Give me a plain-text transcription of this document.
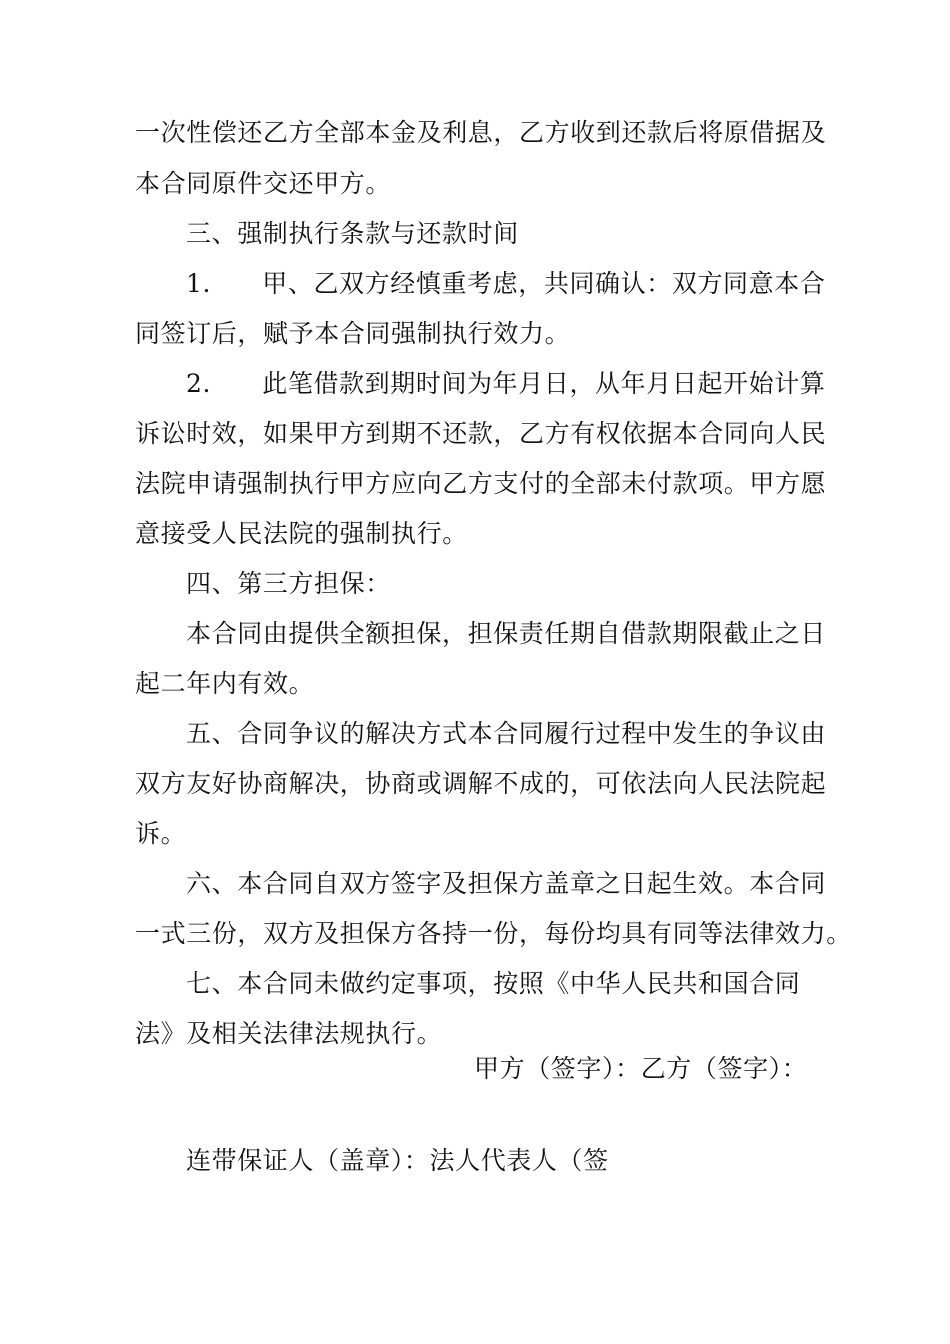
一次性偿还乙方全部本金及利息，乙方收到还款后将原借据及
本合同原件交还甲方。
三、强制执行条款与还款时间
1.　　甲、乙双方经慎重考虑，共同确认：双方同意本合
同签订后，赋予本合同强制执行效力。
2.　　此笔借款到期时间为年月日，从年月日起开始计算
诉讼时效，如果甲方到期不还款，乙方有权依据本合同向人民
法院申请强制执行甲方应向乙方支付的全部未付款项。甲方愿
意接受人民法院的强制执行。
四、第三方担保：
本合同由提供全额担保，担保责任期自借款期限截止之日
起二年内有效。
五、合同争议的解决方式本合同履行过程中发生的争议由
双方友好协商解决，协商或调解不成的，可依法向人民法院起
诉。
六、本合同自双方签字及担保方盖章之日起生效。本合同
一式三份，双方及担保方各持一份，每份均具有同等法律效力。
七、本合同未做约定事项，按照《中华人民共和国合同
法》及相关法律法规执行。
甲方（签字）：乙方（签字）：
连带保证人（盖章）：法人代表人（签
